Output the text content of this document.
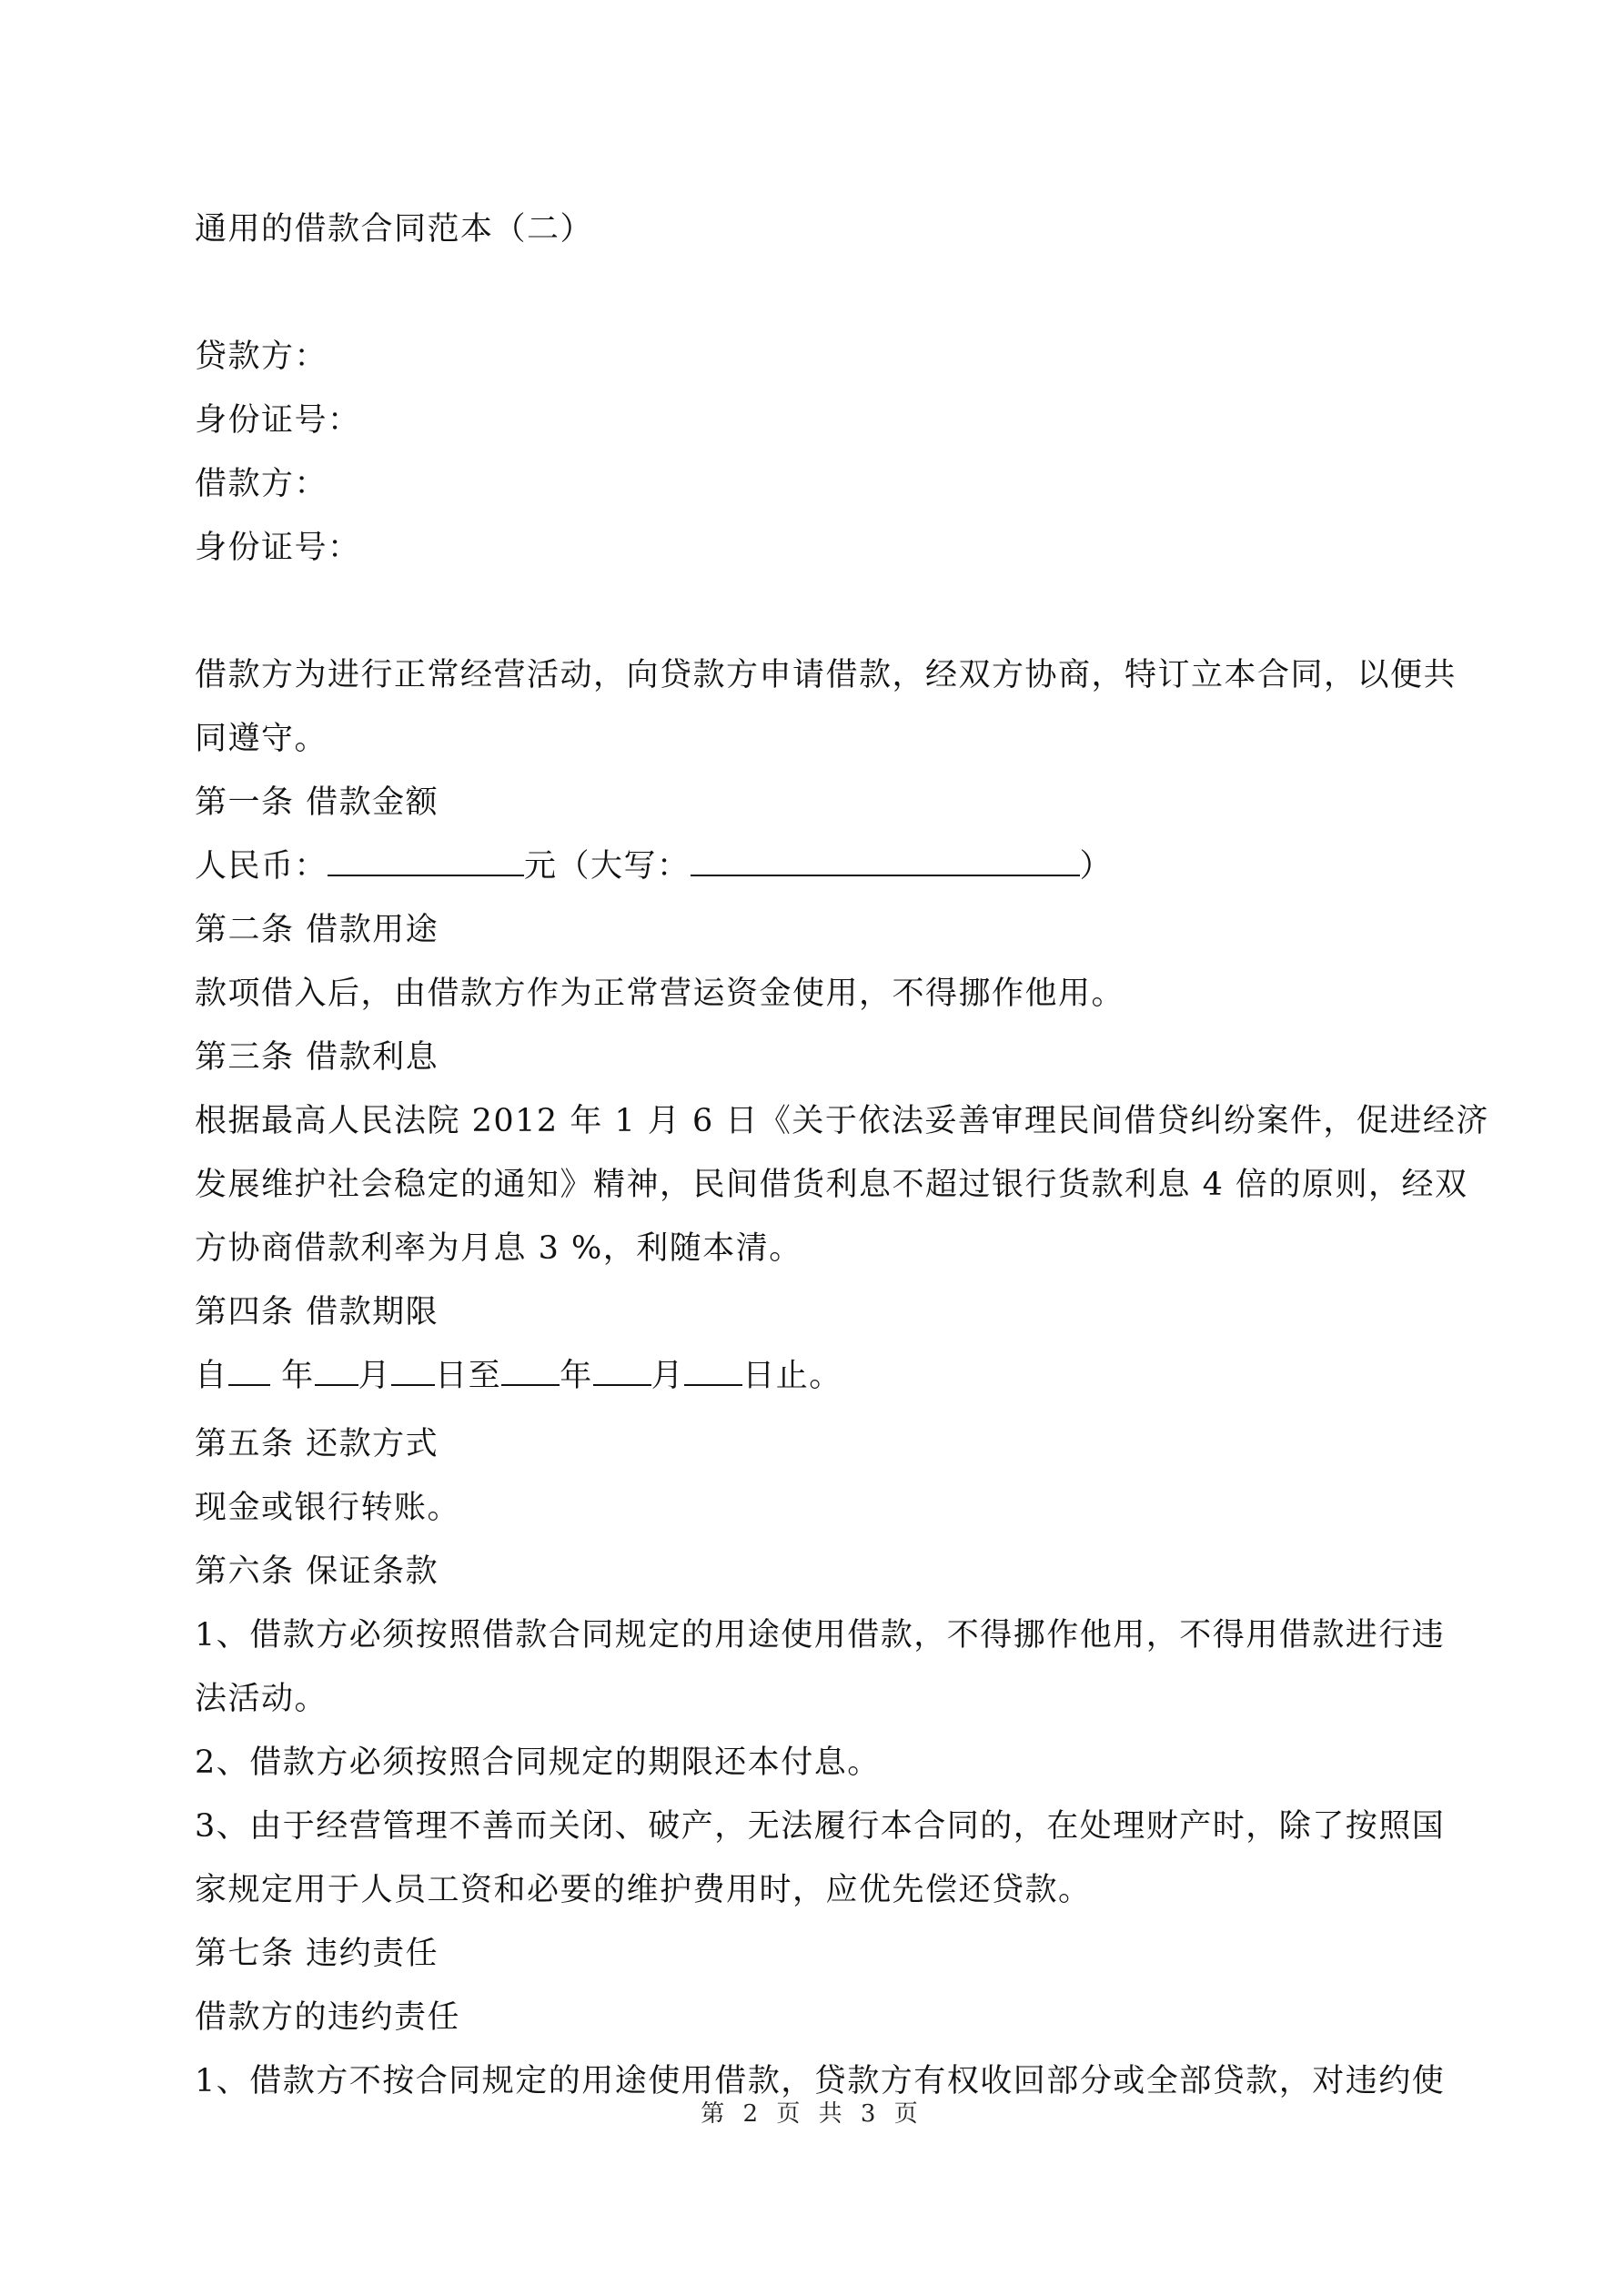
通用的借款合同范本（二）
贷款方：
身份证号：
借款方：
身份证号：
借款方为进行正常经营活动，向贷款方申请借款，经双方协商，特订立本合同，以便共
同遵守。
第一条 借款金额
人民币：	元（大写：	）
第二条 借款用途
款项借入后，由借款方作为正常营运资金使用，不得挪作他用。
第三条 借款利息
根据最高人民法院 2012 年 1 月 6 日《关于依法妥善审理民间借贷纠纷案件，促进经济
发展维护社会稳定的通知》精神，民间借货利息不超过银行货款利息 4 倍的原则，经双
方协商借款利率为月息 3 %，利随本清。
第四条 借款期限
自 年 月 日至 年 月 日止。
第五条 还款方式
现金或银行转账。
第六条 保证条款
1、借款方必须按照借款合同规定的用途使用借款，不得挪作他用，不得用借款进行违
法活动。
2、借款方必须按照合同规定的期限还本付息。
3、由于经营管理不善而关闭、破产，无法履行本合同的，在处理财产时，除了按照国
家规定用于人员工资和必要的维护费用时，应优先偿还贷款。
第七条 违约责任
借款方的违约责任
1、借款方不按合同规定的用途使用借款，贷款方有权收回部分或全部贷款，对违约使
第 2 页 共 3 页
